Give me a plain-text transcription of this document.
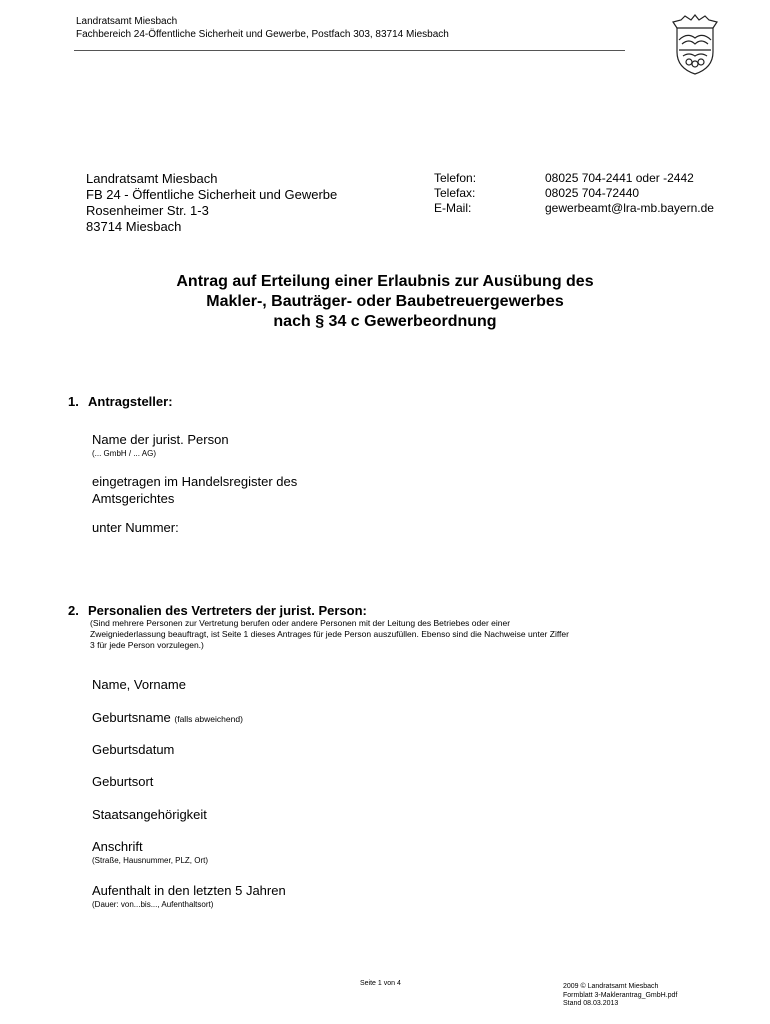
Landratsamt Miesbach
Fachbereich 24-Öffentliche Sicherheit und Gewerbe, Postfach 303, 83714 Miesbach
Landratsamt Miesbach
FB 24 - Öffentliche Sicherheit und Gewerbe
Rosenheimer Str. 1-3
83714 Miesbach
Telefon:
Telefax:
E-Mail:
08025 704-2441 oder -2442
08025 704-72440
gewerbeamt@lra-mb.bayern.de
Antrag auf Erteilung einer Erlaubnis zur Ausübung des
Makler-, Bauträger- oder Baubetreuergewerbes
nach § 34 c Gewerbeordnung
1. Antragsteller:
Name der jurist. Person
(... GmbH / ... AG)
eingetragen im Handelsregister des
Amtsgerichtes
unter Nummer:
2. Personalien des Vertreters der jurist. Person:
(Sind mehrere Personen zur Vertretung berufen oder andere Personen mit der Leitung des Betriebes oder einer
Zweigniederlassung beauftragt, ist Seite 1 dieses Antrages für jede Person auszufüllen. Ebenso sind die Nachweise unter Ziffer
3 für jede Person vorzulegen.)
Name, Vorname
Geburtsname (falls abweichend)
Geburtsdatum
Geburtsort
Staatsangehörigkeit
Anschrift
(Straße, Hausnummer, PLZ, Ort)
Aufenthalt in den letzten 5 Jahren
(Dauer: von...bis..., Aufenthaltsort)
Seite 1 von 4	2009 © Landratsamt Miesbach
Formblatt 3-Maklerantrag_GmbH.pdf
Stand 08.03.2013
